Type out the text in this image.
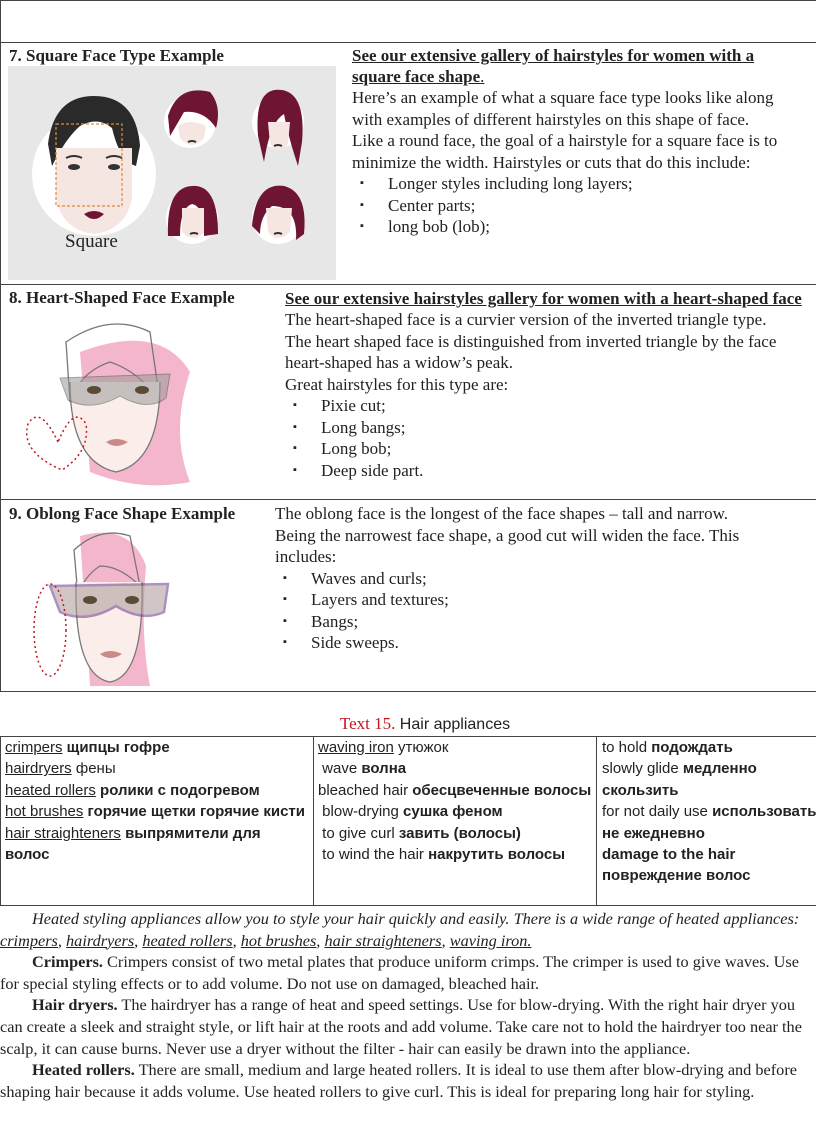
7. Square Face Type Example
Square
See our extensive gallery of hairstyles for women with a square face shape.
Here’s an example of what a square face type looks like along
with examples of different hairstyles on this shape of face.
Like a round face, the goal of a hairstyle for a square face is to
minimize the width. Hairstyles or cuts that do this include:
▪ Longer styles including long layers;
▪ Center parts;
▪ long bob (lob);
8. Heart-Shaped Face Example	See our extensive hairstyles gallery for women with a heart-shaped face
The heart-shaped face is a curvier version of the inverted triangle type.
The heart shaped face is distinguished from inverted triangle by the face
heart-shaped has a widow’s peak.
Great hairstyles for this type are:
▪ Pixie cut;
▪ Long bangs;
▪ Long bob;
▪ Deep side part.
9. Oblong Face Shape Example The oblong face is the longest of the face shapes – tall and narrow.
Being the narrowest face shape, a good cut will widen the face. This
includes:
▪ Waves and curls;
▪ Layers and textures;
▪ Bangs;
▪ Side sweeps.
Text 15. Hair appliances
crimpers щипцы гофре
hairdryers фены
heated rollers ролики с подогревом
hot brushes горячие щетки горячие кисти
hair straighteners выпрямители для волос
waving iron утюжок
wave волна
bleached hair обесцвеченные волосы
blow-drying сушка феном
to give curl завить (волосы)
to wind the hair накрутить волосы
to hold подождать
slowly glide медленно скользить
for not daily use использовать не ежедневно
damage to the hair повреждение волос

Heated styling appliances allow you to style your hair quickly and easily. There is a wide range of heated appliances: crimpers, hairdryers, heated rollers, hot brushes, hair straighteners, waving iron.

Crimpers. Crimpers consist of two metal plates that produce uniform crimps. The crimper is used to give waves. Use for special styling effects or to add volume. Do not use on damaged, bleached hair.

Hair dryers. The hairdryer has a range of heat and speed settings. Use for blow-drying. With the right hair dryer you can create a sleek and straight style, or lift hair at the roots and add volume. Take care not to hold the hairdryer too near the scalp, it can cause burns. Never use a dryer without the filter - hair can easily be drawn into the appliance.

Heated rollers. There are small, medium and large heated rollers. It is ideal to use them after blow-drying and before shaping hair because it adds volume. Use heated rollers to give curl. This is ideal for preparing long hair for styling.
